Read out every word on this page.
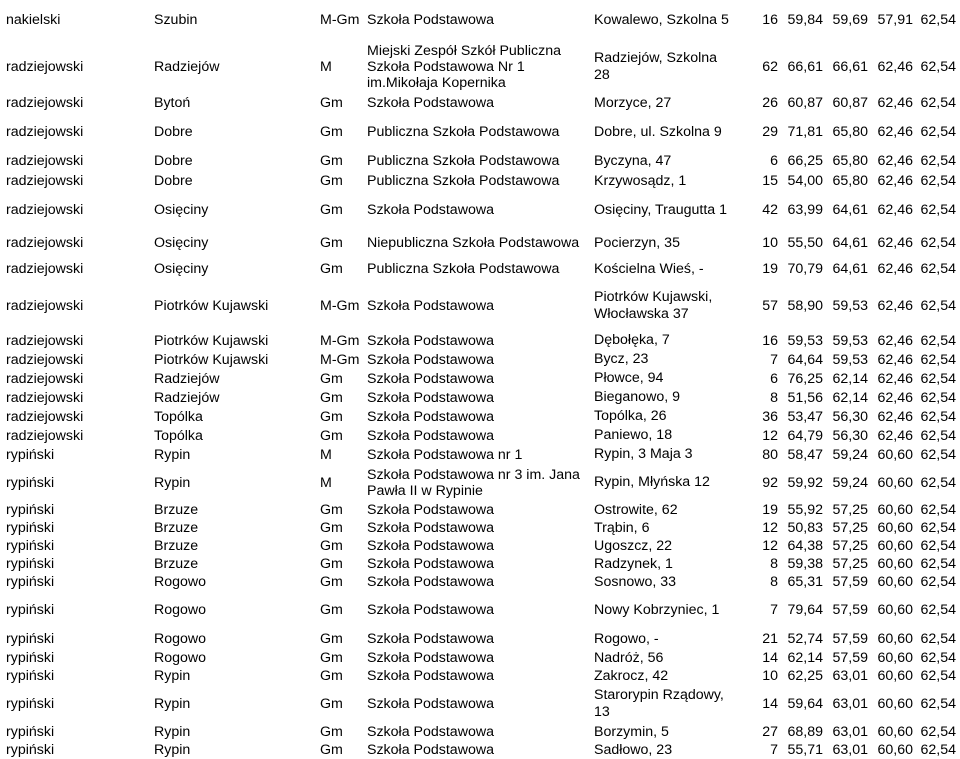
nakielski	Szubin	M-Gm	Szkoła Podstawowa	Kowalewo, Szkolna 5	16	59,84	59,69	57,91	62,54
radziejowski	Radziejów	M	Miejski Zespół Szkół Publiczna Szkoła Podstawowa Nr 1 im.Mikołaja Kopernika	Radziejów, Szkolna 28	62	66,61	66,61	62,46	62,54
radziejowski	Bytoń	Gm	Szkoła Podstawowa	Morzyce, 27	26	60,87	60,87	62,46	62,54
radziejowski	Dobre	Gm	Publiczna Szkoła Podstawowa	Dobre, ul. Szkolna 9	29	71,81	65,80	62,46	62,54
radziejowski	Dobre	Gm	Publiczna Szkoła Podstawowa	Byczyna, 47	6	66,25	65,80	62,46	62,54
radziejowski	Dobre	Gm	Publiczna Szkoła Podstawowa	Krzywosądz, 1	15	54,00	65,80	62,46	62,54
radziejowski	Osięciny	Gm	Szkoła Podstawowa	Osięciny, Traugutta 1	42	63,99	64,61	62,46	62,54
radziejowski	Osięciny	Gm	Niepubliczna Szkoła Podstawowa	Pocierzyn, 35	10	55,50	64,61	62,46	62,54
radziejowski	Osięciny	Gm	Publiczna Szkoła Podstawowa	Kościelna Wieś, -	19	70,79	64,61	62,46	62,54
radziejowski	Piotrków Kujawski	M-Gm	Szkoła Podstawowa	Piotrków Kujawski, Włocławska 37	57	58,90	59,53	62,46	62,54
radziejowski	Piotrków Kujawski	M-Gm	Szkoła Podstawowa	Dębołęka, 7	16	59,53	59,53	62,46	62,54
radziejowski	Piotrków Kujawski	M-Gm	Szkoła Podstawowa	Bycz, 23	7	64,64	59,53	62,46	62,54
radziejowski	Radziejów	Gm	Szkoła Podstawowa	Płowce, 94	6	76,25	62,14	62,46	62,54
radziejowski	Radziejów	Gm	Szkoła Podstawowa	Bieganowo, 9	8	51,56	62,14	62,46	62,54
radziejowski	Topólka	Gm	Szkoła Podstawowa	Topólka, 26	36	53,47	56,30	62,46	62,54
radziejowski	Topólka	Gm	Szkoła Podstawowa	Paniewo, 18	12	64,79	56,30	62,46	62,54
rypiński	Rypin	M	Szkoła Podstawowa nr 1	Rypin, 3 Maja 3	80	58,47	59,24	60,60	62,54
rypiński	Rypin	M	Szkoła Podstawowa nr 3 im. Jana Pawła II w Rypinie	Rypin, Młyńska 12	92	59,92	59,24	60,60	62,54
rypiński	Brzuze	Gm	Szkoła Podstawowa	Ostrowite, 62	19	55,92	57,25	60,60	62,54
rypiński	Brzuze	Gm	Szkoła Podstawowa	Trąbin, 6	12	50,83	57,25	60,60	62,54
rypiński	Brzuze	Gm	Szkoła Podstawowa	Ugoszcz, 22	12	64,38	57,25	60,60	62,54
rypiński	Brzuze	Gm	Szkoła Podstawowa	Radzynek, 1	8	59,38	57,25	60,60	62,54
rypiński	Rogowo	Gm	Szkoła Podstawowa	Sosnowo, 33	8	65,31	57,59	60,60	62,54
rypiński	Rogowo	Gm	Szkoła Podstawowa	Nowy Kobrzyniec, 1	7	79,64	57,59	60,60	62,54
rypiński	Rogowo	Gm	Szkoła Podstawowa	Rogowo, -	21	52,74	57,59	60,60	62,54
rypiński	Rogowo	Gm	Szkoła Podstawowa	Nadróż, 56	14	62,14	57,59	60,60	62,54
rypiński	Rypin	Gm	Szkoła Podstawowa	Zakrocz, 42	10	62,25	63,01	60,60	62,54
rypiński	Rypin	Gm	Szkoła Podstawowa	Starorypin Rządowy, 13	14	59,64	63,01	60,60	62,54
rypiński	Rypin	Gm	Szkoła Podstawowa	Borzymin, 5	27	68,89	63,01	60,60	62,54
rypiński	Rypin	Gm	Szkoła Podstawowa	Sadłowo, 23	7	55,71	63,01	60,60	62,54
